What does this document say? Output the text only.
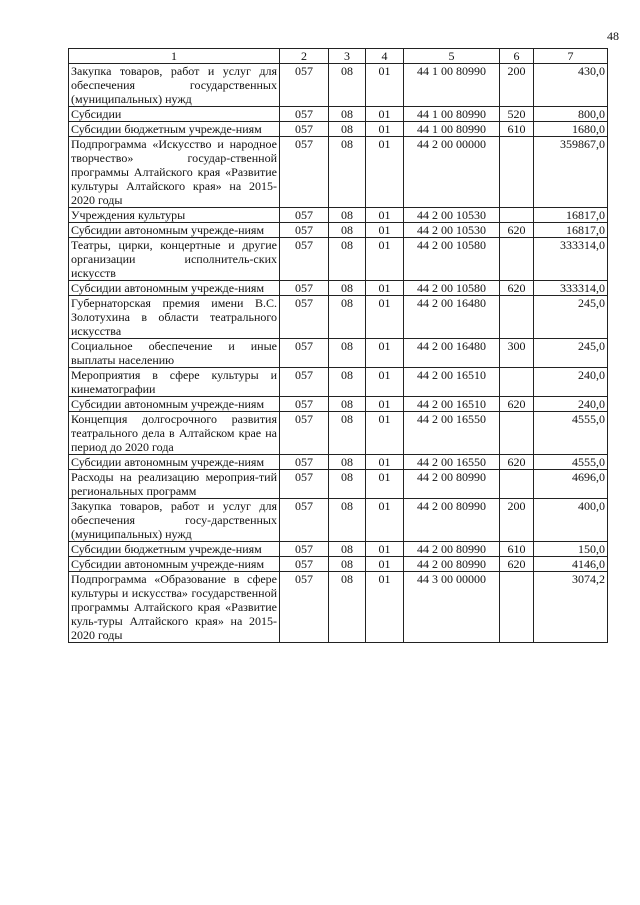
48
1	2	3	4	5	6	7
Закупка товаров, работ и услуг для обеспечения государственных (муниципальных) нужд	057	08	01	44 1 00 80990	200	430,0
Субсидии	057	08	01	44 1 00 80990	520	800,0
Субсидии бюджетным учрежде-ниям	057	08	01	44 1 00 80990	610	1680,0
Подпрограмма «Искусство и народное творчество» государ-ственной программы Алтайского края «Развитие культуры Алтайского края» на 2015-2020 годы	057	08	01	44 2 00 00000		359867,0
Учреждения культуры	057	08	01	44 2 00 10530		16817,0
Субсидии автономным учрежде-ниям	057	08	01	44 2 00 10530	620	16817,0
Театры, цирки, концертные и другие организации исполнитель-ских искусств	057	08	01	44 2 00 10580		333314,0
Субсидии автономным учрежде-ниям	057	08	01	44 2 00 10580	620	333314,0
Губернаторская премия имени В.С. Золотухина в области театрального искусства	057	08	01	44 2 00 16480		245,0
Социальное обеспечение и иные выплаты населению	057	08	01	44 2 00 16480	300	245,0
Мероприятия в сфере культуры и кинематографии	057	08	01	44 2 00 16510		240,0
Субсидии автономным учрежде-ниям	057	08	01	44 2 00 16510	620	240,0
Концепция долгосрочного развития театрального дела в Алтайском крае на период до 2020 года	057	08	01	44 2 00 16550		4555,0
Субсидии автономным учрежде-ниям	057	08	01	44 2 00 16550	620	4555,0
Расходы на реализацию мероприя-тий региональных программ	057	08	01	44 2 00 80990		4696,0
Закупка товаров, работ и услуг для обеспечения госу-дарственных (муниципальных) нужд	057	08	01	44 2 00 80990	200	400,0
Субсидии бюджетным учрежде-ниям	057	08	01	44 2 00 80990	610	150,0
Субсидии автономным учрежде-ниям	057	08	01	44 2 00 80990	620	4146,0
Подпрограмма «Образование в сфере культуры и искусства» государственной программы Алтайского края «Развитие куль-туры Алтайского края» на 2015-2020 годы	057	08	01	44 3 00 00000		3074,2
